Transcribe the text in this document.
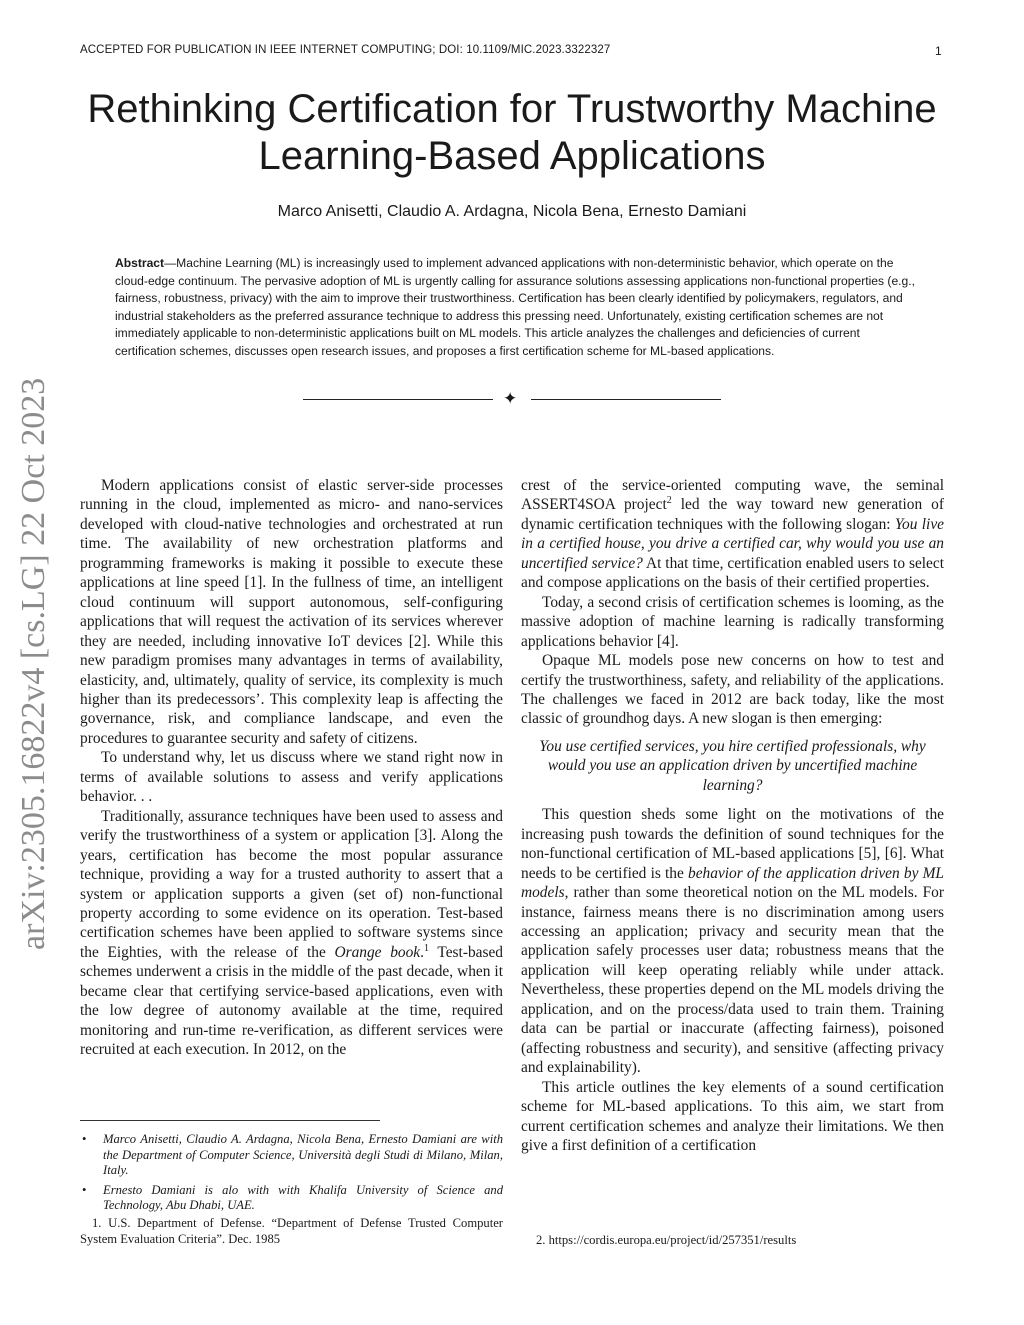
ACCEPTED FOR PUBLICATION IN IEEE INTERNET COMPUTING; DOI: 10.1109/MIC.2023.3322327	1
Rethinking Certification for Trustworthy Machine
Learning-Based Applications
Marco Anisetti, Claudio A. Ardagna, Nicola Bena, Ernesto Damiani
Abstract—Machine Learning (ML) is increasingly used to implement advanced applications with non-deterministic behavior, which operate on the cloud-edge continuum. The pervasive adoption of ML is urgently calling for assurance solutions assessing applications non-functional properties (e.g., fairness, robustness, privacy) with the aim to improve their trustworthiness. Certification has been clearly identified by policymakers, regulators, and industrial stakeholders as the preferred assurance technique to address this pressing need. Unfortunately, existing certification schemes are not immediately applicable to non-deterministic applications built on ML models. This article analyzes the challenges and deficiencies of current certification schemes, discusses open research issues, and proposes a first certification scheme for ML-based applications.
✦
arXiv:2305.16822v4 [cs.LG] 22 Oct 2023	Modern applications consist of elastic server-side processes running in the cloud, implemented as micro- and nano-services developed with cloud-native technologies and orchestrated at run time. The availability of new orchestration platforms and programming frameworks is making it possible to execute these applications at line speed [1]. In the fullness of time, an intelligent cloud continuum will support autonomous, self-configuring applications that will request the activation of its services wherever they are needed, including innovative IoT devices [2]. While this new paradigm promises many advantages in terms of availability, elasticity, and, ultimately, quality of service, its complexity is much higher than its predecessors’. This complexity leap is affecting the governance, risk, and compliance landscape, and even the procedures to guarantee security and safety of citizens.

To understand why, let us discuss where we stand right now in terms of available solutions to assess and verify applications behavior. . .

Traditionally, assurance techniques have been used to assess and verify the trustworthiness of a system or application [3]. Along the years, certification has become the most popular assurance technique, providing a way for a trusted authority to assert that a system or application supports a given (set of) non-functional property according to some evidence on its operation. Test-based certification schemes have been applied to software systems since the Eighties, with the release of the Orange book.$^1$ Test-based schemes underwent a crisis in the middle of the past decade, when it became clear that certifying service-based applications, even with the low degree of autonomy available at the time, required monitoring and run-time re-verification, as different services were recruited at each execution. In 2012, on the

crest of the service-oriented computing wave, the seminal ASSERT4SOA project$^2$ led the way toward new generation of dynamic certification techniques with the following slogan: You live in a certified house, you drive a certified car, why would you use an uncertified service? At that time, certification enabled users to select and compose applications on the basis of their certified properties.

Today, a second crisis of certification schemes is looming, as the massive adoption of machine learning is radically transforming applications behavior [4].

Opaque ML models pose new concerns on how to test and certify the trustworthiness, safety, and reliability of the applications. The challenges we faced in 2012 are back today, like the most classic of groundhog days. A new slogan is then emerging:

You use certified services, you hire certified professionals, why would you use an application driven by uncertified machine learning?

This question sheds some light on the motivations of the increasing push towards the definition of sound techniques for the non-functional certification of ML-based applications [5], [6]. What needs to be certified is the behavior of the application driven by ML models, rather than some theoretical notion on the ML models. For instance, fairness means there is no discrimination among users accessing an application; privacy and security mean that the application safely processes user data; robustness means that the application will keep operating reliably while under attack. Nevertheless, these properties depend on the ML models driving the application, and on the process/data used to train them. Training data can be partial or inaccurate (affecting fairness), poisoned (affecting robustness and security), and sensitive (affecting privacy and explainability).

This article outlines the key elements of a sound certification scheme for ML-based applications. To this aim, we start from current certification schemes and analyze their limitations. We then give a first definition of a certification

• Marco Anisetti, Claudio A. Ardagna, Nicola Bena, Ernesto Damiani are with the Department of Computer Science, Università degli Studi di Milano, Milan, Italy.
• Ernesto Damiani is alo with with Khalifa University of Science and Technology, Abu Dhabi, UAE.
1. U.S. Department of Defense. “Department of Defense Trusted Computer System Evaluation Criteria”. Dec. 1985	2. https://cordis.europa.eu/project/id/257351/results
